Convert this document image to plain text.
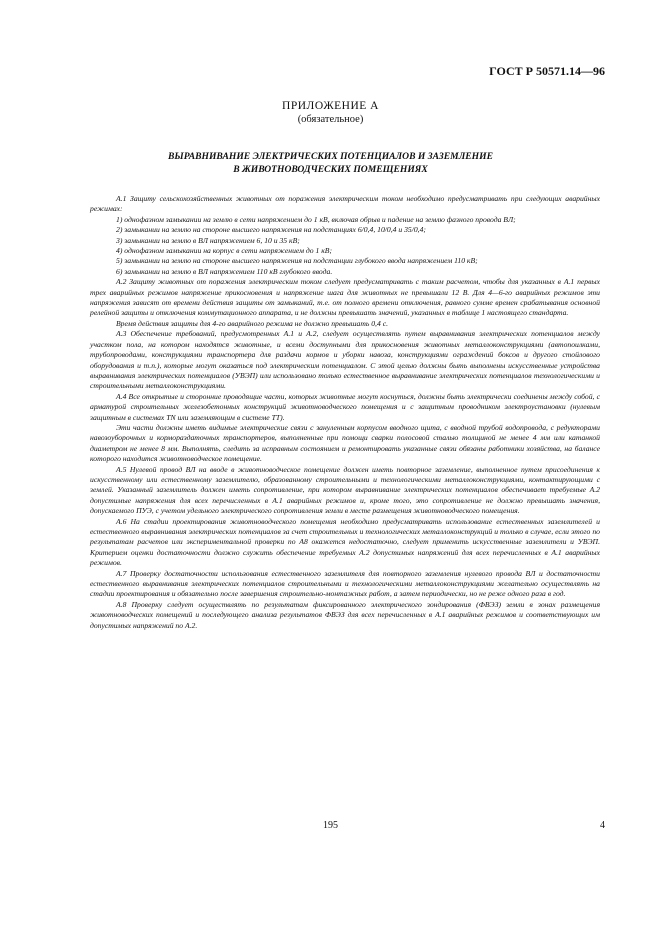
ГОСТ Р 50571.14—96
ПРИЛОЖЕНИЕ А
(обязательное)
ВЫРАВНИВАНИЕ ЭЛЕКТРИЧЕСКИХ ПОТЕНЦИАЛОВ И ЗАЗЕМЛЕНИЕ
В ЖИВОТНОВОДЧЕСКИХ ПОМЕЩЕНИЯХ

А.1 Защиту сельскохозяйственных животных от поражения электрическим током необходимо предусматривать при следующих аварийных режимах:

1) однофазном замыкании на землю в сети напряжением до 1 кВ, включая обрыв и падение на землю фазного провода ВЛ;

2) замыкании на землю на стороне высшего напряжения на подстанциях 6/0,4, 10/0,4 и 35/0,4;

3) замыкании на землю в ВЛ напряжением 6, 10 и 35 кВ;

4) однофазном замыкании на корпус в сети напряжением до 1 кВ;

5) замыкании на землю на стороне высшего напряжения на подстанции глубокого ввода напряжением 110 кВ;

6) замыкании на землю в ВЛ напряжением 110 кВ глубокого ввода.

А.2 Защиту животных от поражения электрическим током следует предусматривать с таким расчетом, чтобы для указанных в А.1 первых трех аварийных режимов напряжение прикосновения и напряжение шага для животных не превышали 12 В. Для 4—6-го аварийных режимов эти напряжения зависят от времени действия защиты от замыканий, т.е. от полного времени отключения, равного сумме времен срабатывания основной релейной защиты и отключения коммутационного аппарата, и не должны превышать значений, указанных в таблице 1 настоящего стандарта.

Время действия защиты для 4-го аварийного режима не должно превышать 0,4 с.

А.3 Обеспечение требований, предусмотренных А.1 и А.2, следует осуществлять путем выравнивания электрических потенциалов между участком пола, на котором находятся животные, и всеми доступными для прикосновения животных металлоконструкциями (автопоилками, трубопроводами, конструкциями транспортера для раздачи кормов и уборки навоза, конструкциями ограждений боксов и другого стойлового оборудования и т.п.), которые могут оказаться под электрическим потенциалом. С этой целью должны быть выполнены искусственные устройства выравнивания электрических потенциалов (УВЭП) или использовано только естественное выравнивание электрических потенциалов технологическими и строительными металлоконструкциями.

А.4 Все открытые и сторонние проводящие части, которых животные могут коснуться, должны быть электрически соединены между собой, с арматурой строительных железобетонных конструкций животноводческого помещения и с защитным проводником электроустановки (нулевым защитным в системах TN или заземляющим в системе TT).

Эти части должны иметь видимые электрические связи с зануленным корпусом вводного щита, с вводной трубой водопровода, с редукторами навозоуборочных и кормораздаточных транспортеров, выполненные при помощи сварки полосовой сталью толщиной не менее 4 мм или катанкой диаметром не менее 8 мм. Выполнять, следить за исправным состоянием и ремонтировать указанные связи обязаны работники хозяйства, на балансе которого находится животноводческое помещение.

А.5 Нулевой провод ВЛ на вводе в животноводческое помещение должен иметь повторное заземление, выполненное путем присоединения к искусственному или естественному заземлителю, образованному строительными и технологическими металлоконструкциями, контактирующими с землей. Указанный заземлитель должен иметь сопротивление, при котором выравнивание электрических потенциалов обеспечивает требуемые А.2 допустимые напряжения для всех перечисленных в А.1 аварийных режимов и, кроме того, это сопротивление не должно превышать значения, допускаемого ПУЭ, с учетом удельного электрического сопротивления земли в месте размещения животноводческого помещения.

А.6 На стадии проектирования животноводческого помещения необходимо предусматривать использование естественных заземлителей и естественного выравнивания электрических потенциалов за счет строительных и технологических металлоконструкций и только в случае, если этого по результатам расчетов или экспериментальной проверки по А8 окажется недостаточно, следует применить искусственные заземлители и УВЭП. Критерием оценки достаточности должно служить обеспечение требуемых А.2 допустимых напряжений для всех перечисленных в А.1 аварийных режимов.

А.7 Проверку достаточности использования естественного заземлителя для повторного заземления нулевого провода ВЛ и достаточности естественного выравнивания электрических потенциалов строительными и технологическими металлоконструкциями желательно осуществлять на стадии проектирования и обязательно после завершения строительно-монтажных работ, а затем периодически, но не реже одного раза в год.

А.8 Проверку следует осуществлять по результатам фиксированного электрического зондирования (ФВЭЗ) земли в зонах размещения животноводческих помещений и последующего анализа результатов ФВЭЗ для всех перечисленных в А.1 аварийных режимов и соответствующих им допустимых напряжений по А.2.

195	4
